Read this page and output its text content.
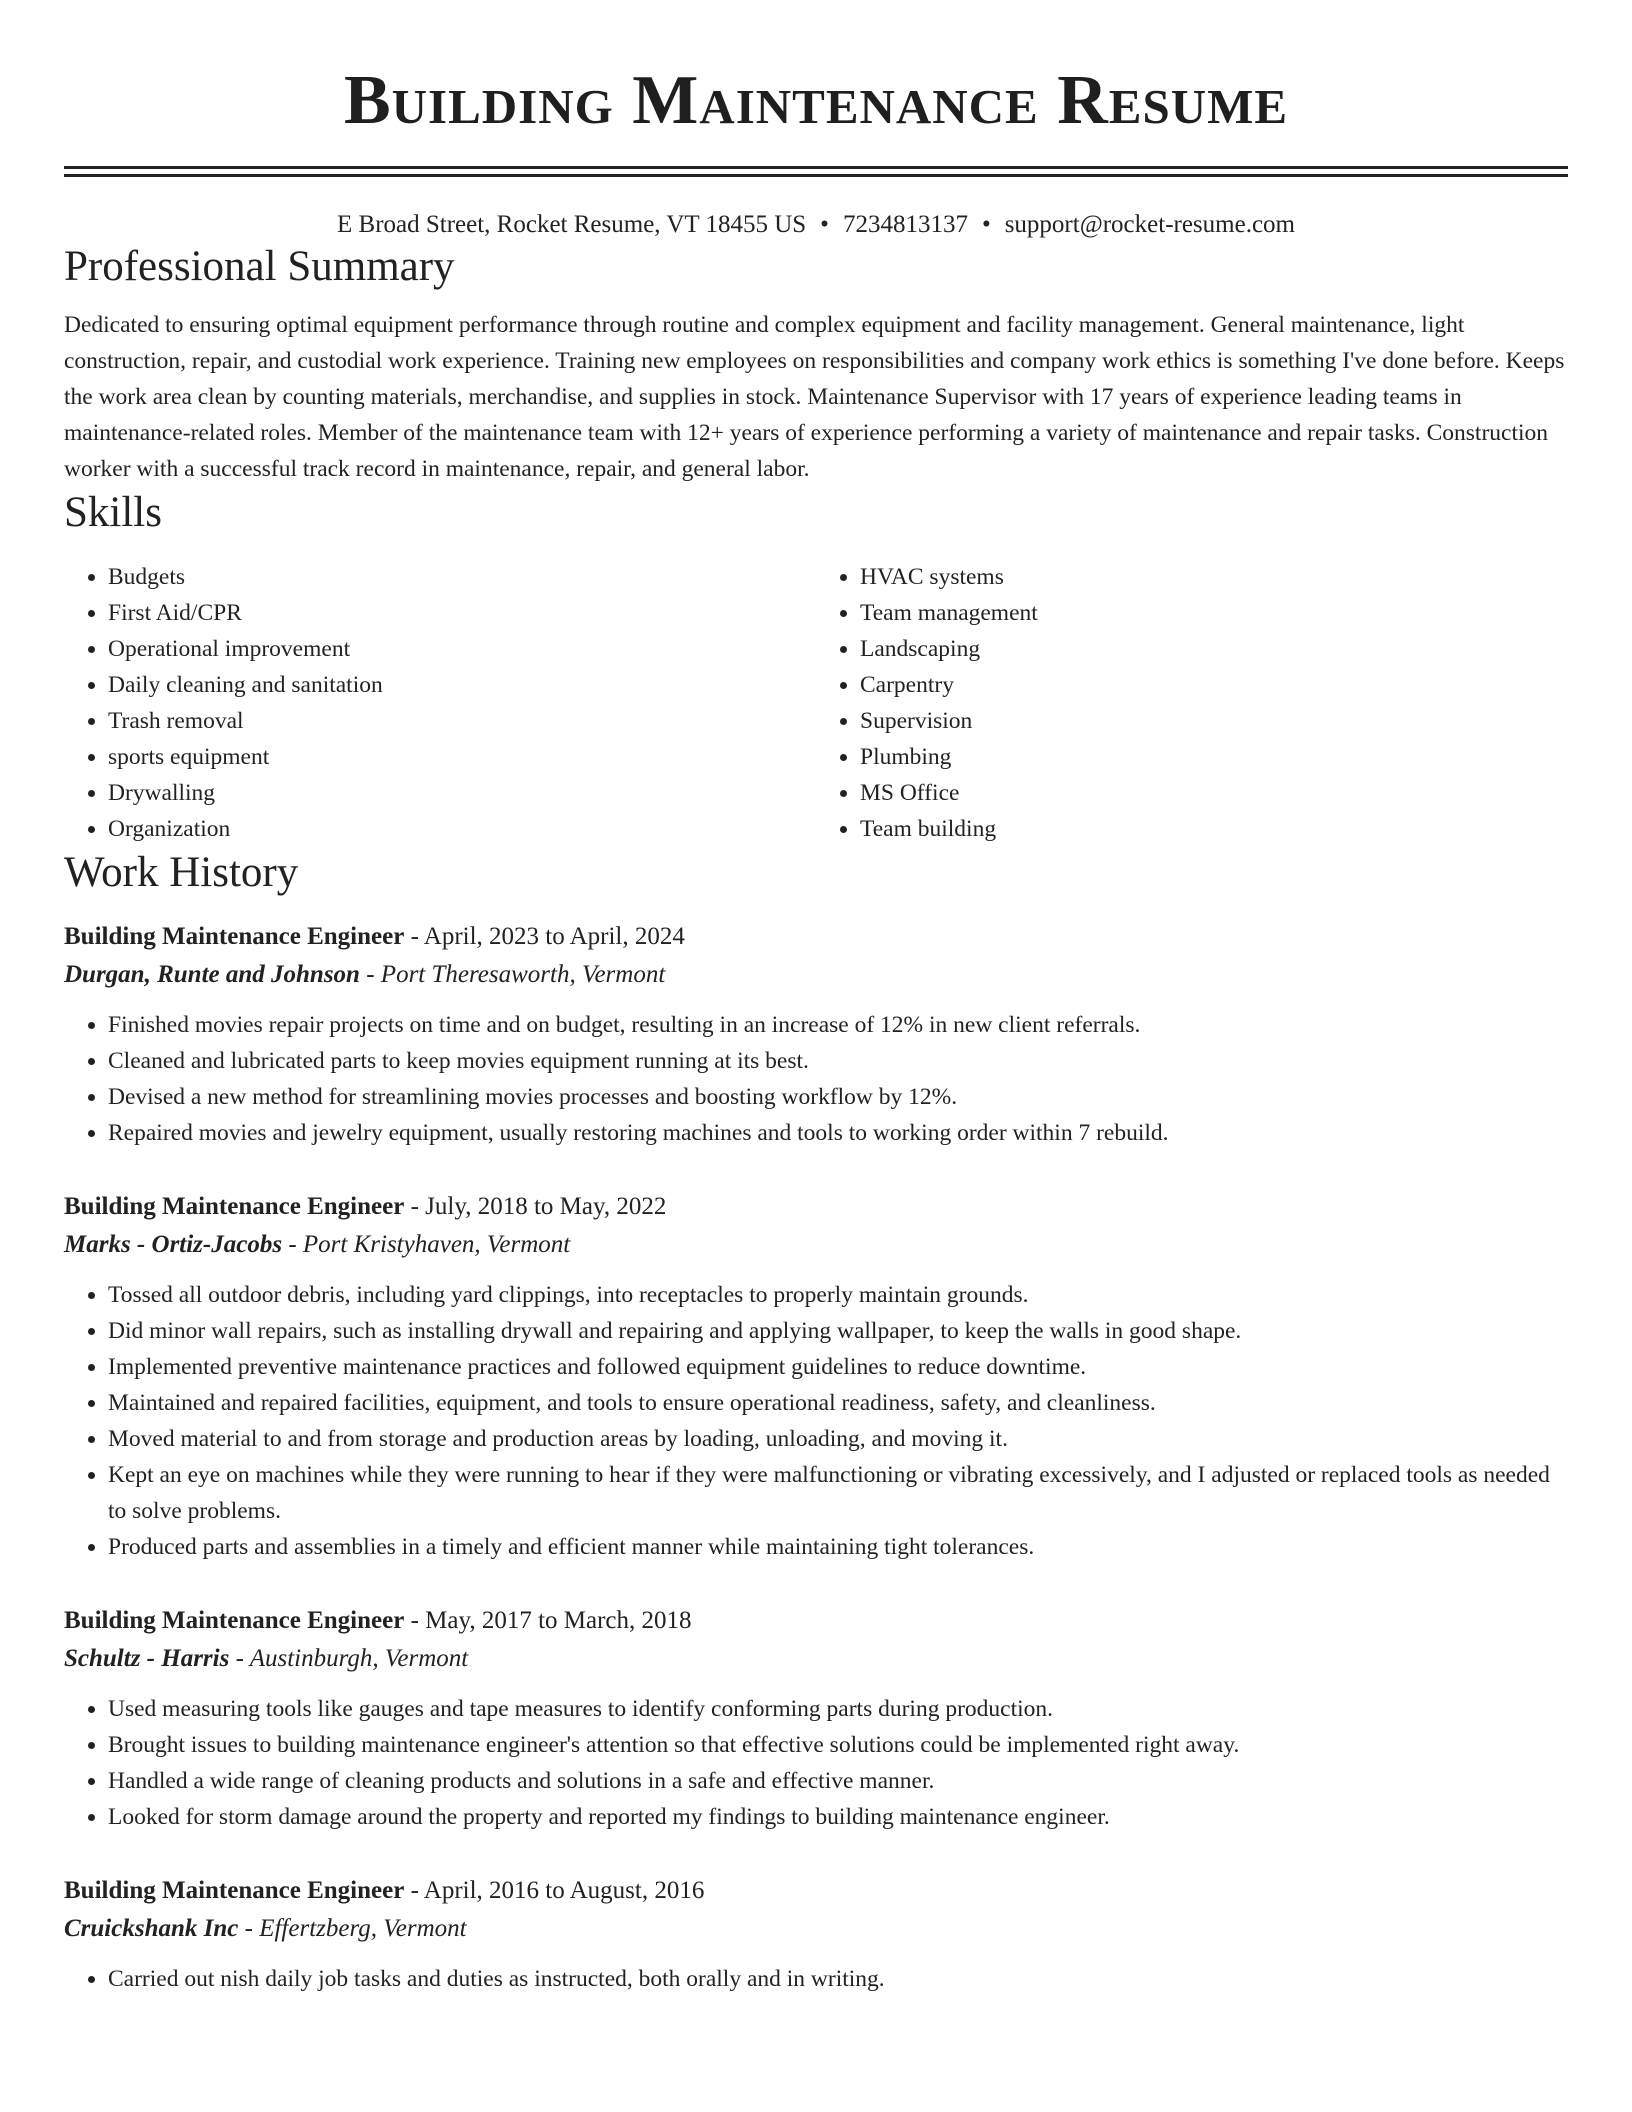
Building Maintenance Resume
E Broad Street, Rocket Resume, VT 18455 US • 7234813137 • support@rocket-resume.com
Professional Summary

Dedicated to ensuring optimal equipment performance through routine and complex equipment and facility management. General maintenance, light construction, repair, and custodial work experience. Training new employees on responsibilities and company work ethics is something I've done before. Keeps the work area clean by counting materials, merchandise, and supplies in stock. Maintenance Supervisor with 17 years of experience leading teams in maintenance-related roles. Member of the maintenance team with 12+ years of experience performing a variety of maintenance and repair tasks. Construction worker with a successful track record in maintenance, repair, and general labor.

Skills
• Budgets
• First Aid/CPR
• Operational improvement
• Daily cleaning and sanitation
• Trash removal
• sports equipment
• Drywalling
• Organization
• HVAC systems
• Team management
• Landscaping
• Carpentry
• Supervision
• Plumbing
• MS Office
• Team building
Work History
Building Maintenance Engineer - April, 2023 to April, 2024
Durgan, Runte and Johnson - Port Theresaworth, Vermont
• Finished movies repair projects on time and on budget, resulting in an increase of 12% in new client referrals.
• Cleaned and lubricated parts to keep movies equipment running at its best.
• Devised a new method for streamlining movies processes and boosting workflow by 12%.
• Repaired movies and jewelry equipment, usually restoring machines and tools to working order within 7 rebuild.
Building Maintenance Engineer - July, 2018 to May, 2022
Marks - Ortiz-Jacobs - Port Kristyhaven, Vermont
• Tossed all outdoor debris, including yard clippings, into receptacles to properly maintain grounds.
• Did minor wall repairs, such as installing drywall and repairing and applying wallpaper, to keep the walls in good shape.
• Implemented preventive maintenance practices and followed equipment guidelines to reduce downtime.
• Maintained and repaired facilities, equipment, and tools to ensure operational readiness, safety, and cleanliness.
• Moved material to and from storage and production areas by loading, unloading, and moving it.
• Kept an eye on machines while they were running to hear if they were malfunctioning or vibrating excessively, and I adjusted or replaced tools as needed to solve problems.
• Produced parts and assemblies in a timely and efficient manner while maintaining tight tolerances.
Building Maintenance Engineer - May, 2017 to March, 2018
Schultz - Harris - Austinburgh, Vermont
• Used measuring tools like gauges and tape measures to identify conforming parts during production.
• Brought issues to building maintenance engineer's attention so that effective solutions could be implemented right away.
• Handled a wide range of cleaning products and solutions in a safe and effective manner.
• Looked for storm damage around the property and reported my findings to building maintenance engineer.
Building Maintenance Engineer - April, 2016 to August, 2016
Cruickshank Inc - Effertzberg, Vermont
• Carried out nish daily job tasks and duties as instructed, both orally and in writing.
